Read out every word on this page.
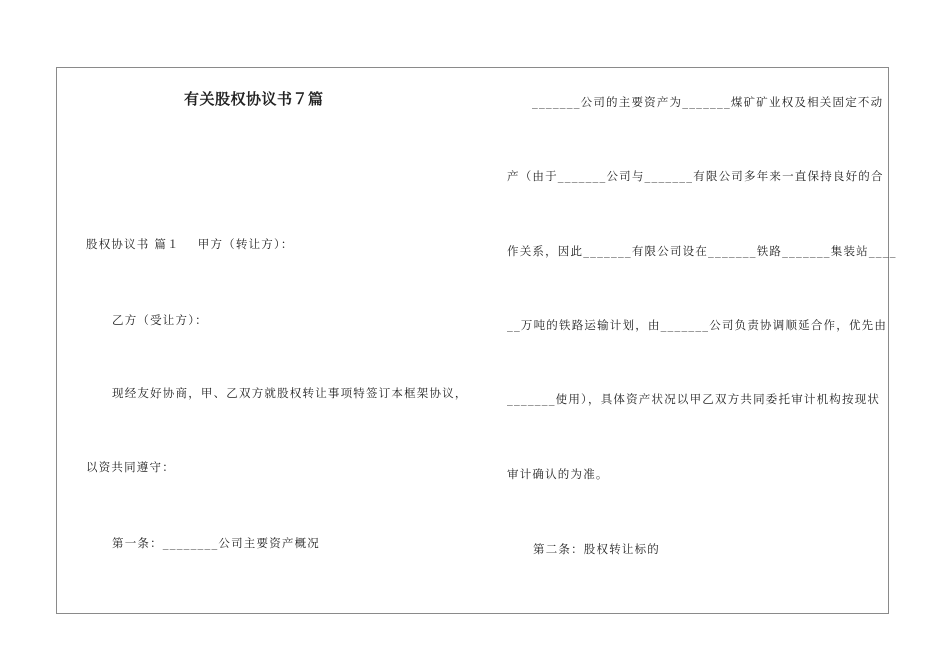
有关股权协议书７篇
股权协议书 篇１ 甲方（转让方）：
乙方（受让方）：
现经友好协商，甲、乙双方就股权转让事项特签订本框架协议，
以资共同遵守：
第一条：________公司主要资产概况
_______公司的主要资产为_______煤矿矿业权及相关固定不动
产（由于_______公司与_______有限公司多年来一直保持良好的合
作关系，因此_______有限公司设在_______铁路_______集装站____
__万吨的铁路运输计划，由_______公司负责协调顺延合作，优先由
_______使用），具体资产状况以甲乙双方共同委托审计机构按现状
审计确认的为准。
第二条：股权转让标的
